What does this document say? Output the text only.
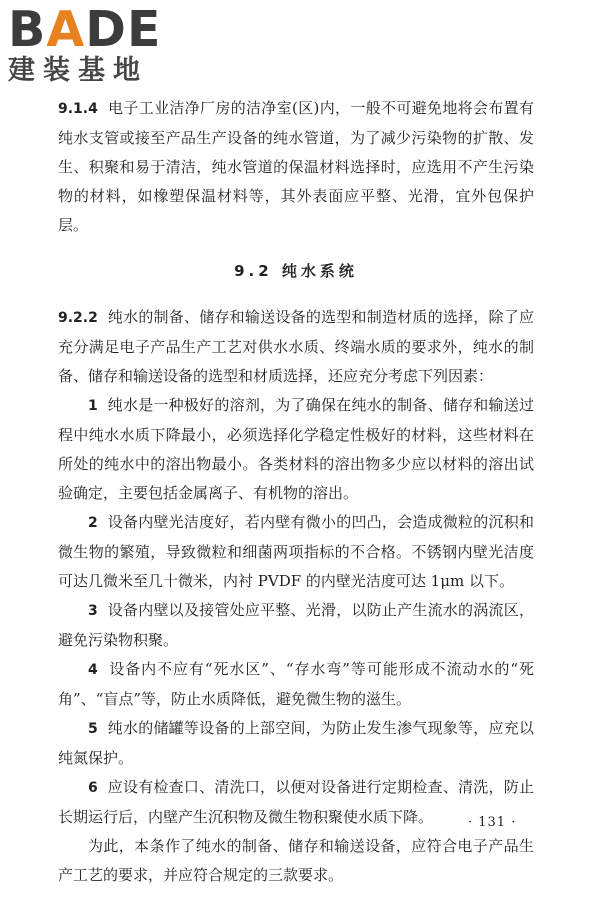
BADE
建装基地

9.1.4 电子工业洁净厂房的洁净室(区)内，一般不可避免地将会布置有纯水支管或接至产品生产设备的纯水管道，为了减少污染物的扩散、发生、积聚和易于清洁，纯水管道的保温材料选择时，应选用不产生污染物的材料，如橡塑保温材料等，其外表面应平整、光滑，宜外包保护层。

9.2 纯水系统

9.2.2 纯水的制备、储存和输送设备的选型和制造材质的选择，除了应充分满足电子产品生产工艺对供水水质、终端水质的要求外，纯水的制备、储存和输送设备的选型和材质选择，还应充分考虑下列因素：

1 纯水是一种极好的溶剂，为了确保在纯水的制备、储存和输送过程中纯水水质下降最小，必须选择化学稳定性极好的材料，这些材料在所处的纯水中的溶出物最小。各类材料的溶出物多少应以材料的溶出试验确定，主要包括金属离子、有机物的溶出。

2 设备内壁光洁度好，若内壁有微小的凹凸，会造成微粒的沉积和微生物的繁殖，导致微粒和细菌两项指标的不合格。不锈钢内壁光洁度可达几微米至几十微米，内衬 PVDF 的内壁光洁度可达 1μm 以下。

3 设备内壁以及接管处应平整、光滑，以防止产生流水的涡流区，避免污染物积聚。

4 设备内不应有“死水区”、“存水弯”等可能形成不流动水的“死角”、“盲点”等，防止水质降低，避免微生物的滋生。

5 纯水的储罐等设备的上部空间，为防止发生渗气现象等，应充以纯氮保护。

6 应设有检查口、清洗口，以便对设备进行定期检查、清洗，防止长期运行后，内壁产生沉积物及微生物积聚使水质下降。

为此，本条作了纯水的制备、储存和输送设备，应符合电子产品生产工艺的要求，并应符合规定的三款要求。

· 131 ·
